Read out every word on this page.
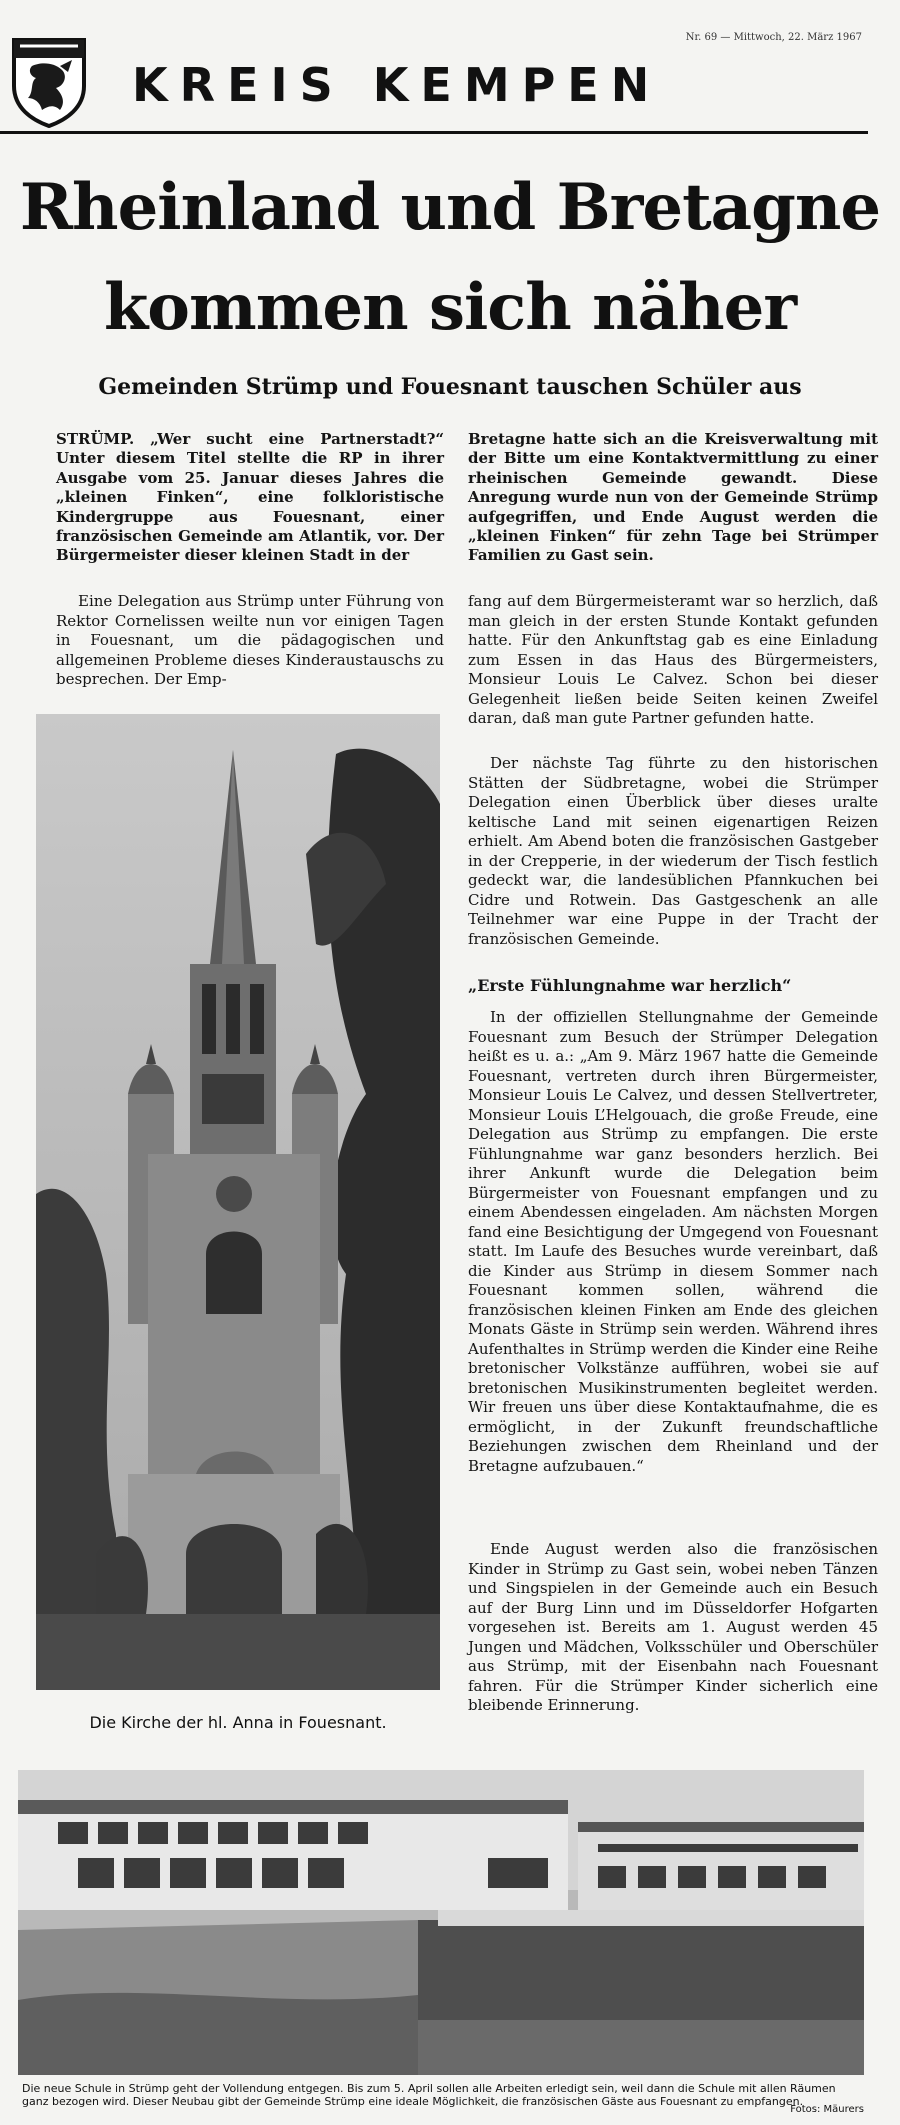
KREIS KEMPEN
Nr. 69 — Mittwoch, 22. März 1967
Rheinland und Bretagne
kommen sich näher
Gemeinden Strümp und Fouesnant tauschen Schüler aus

STRÜMP. „Wer sucht eine Partnerstadt?“ Unter diesem Titel stellte die RP in ihrer Ausgabe vom 25. Januar dieses Jahres die „kleinen Finken“, eine folkloristische Kindergruppe aus Fouesnant, einer französischen Gemeinde am Atlantik, vor. Der Bürgermeister dieser kleinen Stadt in der

Bretagne hatte sich an die Kreisverwaltung mit der Bitte um eine Kontaktvermittlung zu einer rheinischen Gemeinde gewandt. Diese Anregung wurde nun von der Gemeinde Strümp aufgegriffen, und Ende August werden die „kleinen Finken“ für zehn Tage bei Strümper Familien zu Gast sein.

Eine Delegation aus Strümp unter Führung von Rektor Cornelissen weilte nun vor einigen Tagen in Fouesnant, um die pädagogischen und allgemeinen Probleme dieses Kinderaustauschs zu besprechen. Der Emp-

fang auf dem Bürgermeisteramt war so herzlich, daß man gleich in der ersten Stunde Kontakt gefunden hatte. Für den Ankunftstag gab es eine Einladung zum Essen in das Haus des Bürgermeisters, Monsieur Louis Le Calvez. Schon bei dieser Gelegenheit ließen beide Seiten keinen Zweifel daran, daß man gute Partner gefunden hatte.

Der nächste Tag führte zu den historischen Stätten der Südbretagne, wobei die Strümper Delegation einen Überblick über dieses uralte keltische Land mit seinen eigenartigen Reizen erhielt. Am Abend boten die französischen Gastgeber in der Crepperie, in der wiederum der Tisch festlich gedeckt war, die landesüblichen Pfannkuchen bei Cidre und Rotwein. Das Gastgeschenk an alle Teilnehmer war eine Puppe in der Tracht der französischen Gemeinde.

„Erste Fühlungnahme war herzlich“

In der offiziellen Stellungnahme der Gemeinde Fouesnant zum Besuch der Strümper Delegation heißt es u. a.: „Am 9. März 1967 hatte die Gemeinde Fouesnant, vertreten durch ihren Bürgermeister, Monsieur Louis Le Calvez, und dessen Stellvertreter, Monsieur Louis L’Helgouach, die große Freude, eine Delegation aus Strümp zu empfangen. Die erste Fühlungnahme war ganz besonders herzlich. Bei ihrer Ankunft wurde die Delegation beim Bürgermeister von Fouesnant empfangen und zu einem Abendessen eingeladen. Am nächsten Morgen fand eine Besichtigung der Umgegend von Fouesnant statt. Im Laufe des Besuches wurde vereinbart, daß die Kinder aus Strümp in diesem Sommer nach Fouesnant kommen sollen, während die französischen kleinen Finken am Ende des gleichen Monats Gäste in Strümp sein werden. Während ihres Aufenthaltes in Strümp werden die Kinder eine Reihe bretonischer Volkstänze aufführen, wobei sie auf bretonischen Musikinstrumenten begleitet werden. Wir freuen uns über diese Kontaktaufnahme, die es ermöglicht, in der Zukunft freundschaftliche Beziehungen zwischen dem Rheinland und der Bretagne aufzubauen.“

Ende August werden also die französischen Kinder in Strümp zu Gast sein, wobei neben Tänzen und Singspielen in der Gemeinde auch ein Besuch auf der Burg Linn und im Düsseldorfer Hofgarten vorgesehen ist. Bereits am 1. August werden 45 Jungen und Mädchen, Volksschüler und Oberschüler aus Strümp, mit der Eisenbahn nach Fouesnant fahren. Für die Strümper Kinder sicherlich eine bleibende Erinnerung.

Die Kirche der hl. Anna in Fouesnant.
Die neue Schule in Strümp geht der Vollendung entgegen. Bis zum 5. April sollen alle Arbeiten erledigt sein, weil dann die Schule mit allen Räumen ganz bezogen wird. Dieser Neubau gibt der Gemeinde Strümp eine ideale Möglichkeit, die französischen Gäste aus Fouesnant zu empfangen.
Fotos: Mäurers
